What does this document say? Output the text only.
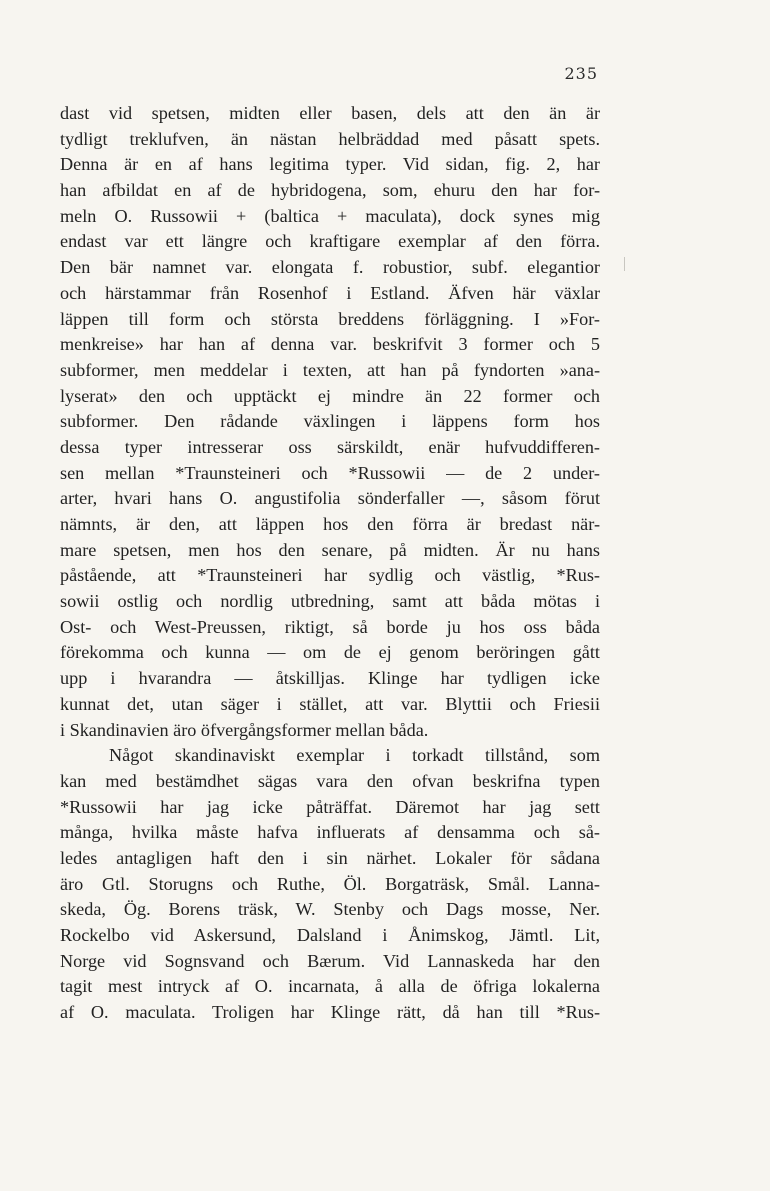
235
dast vid spetsen, midten eller basen, dels att den än är
tydligt treklufven, än nästan helbräddad med påsatt spets.
Denna är en af hans legitima typer. Vid sidan, fig. 2, har
han afbildat en af de hybridogena, som, ehuru den har for-
meln O. Russowii + (baltica + maculata), dock synes mig
endast var ett längre och kraftigare exemplar af den förra.
Den bär namnet var. elongata f. robustior, subf. elegantior
och härstammar från Rosenhof i Estland. Äfven här växlar
läppen till form och största breddens förläggning. I »For-
menkreise» har han af denna var. beskrifvit 3 former och 5
subformer, men meddelar i texten, att han på fyndorten »ana-
lyserat» den och upptäckt ej mindre än 22 former och
subformer. Den rådande växlingen i läppens form hos
dessa typer intresserar oss särskildt, enär hufvuddifferen-
sen mellan *Traunsteineri och *Russowii — de 2 under-
arter, hvari hans O. angustifolia sönderfaller —, såsom förut
nämnts, är den, att läppen hos den förra är bredast när-
mare spetsen, men hos den senare, på midten. Är nu hans
påstående, att *Traunsteineri har sydlig och västlig, *Rus-
sowii ostlig och nordlig utbredning, samt att båda mötas i
Ost- och West-Preussen, riktigt, så borde ju hos oss båda
förekomma och kunna — om de ej genom beröringen gått
upp i hvarandra — åtskilljas. Klinge har tydligen icke
kunnat det, utan säger i stället, att var. Blyttii och Friesii
i Skandinavien äro öfvergångsformer mellan båda.
Något skandinaviskt exemplar i torkadt tillstånd, som
kan med bestämdhet sägas vara den ofvan beskrifna typen
*Russowii har jag icke påträffat. Däremot har jag sett
många, hvilka måste hafva influerats af densamma och så-
ledes antagligen haft den i sin närhet. Lokaler för sådana
äro Gtl. Storugns och Ruthe, Öl. Borgaträsk, Smål. Lanna-
skeda, Ög. Borens träsk, W. Stenby och Dags mosse, Ner.
Rockelbo vid Askersund, Dalsland i Ånimskog, Jämtl. Lit,
Norge vid Sognsvand och Bærum. Vid Lannaskeda har den
tagit mest intryck af O. incarnata, å alla de öfriga lokalerna
af O. maculata. Troligen har Klinge rätt, då han till *Rus-
